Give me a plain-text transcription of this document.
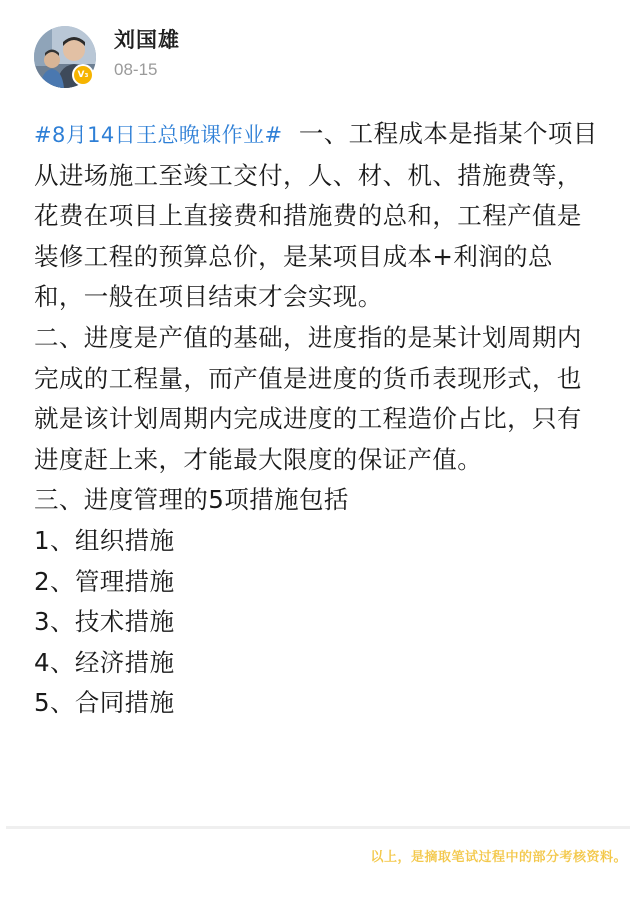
V₃
刘国雄
08-15

#8月14日王总晚课作业# 一、工程成本是指某个项目从进场施工至竣工交付，人、材、机、措施费等，花费在项目上直接费和措施费的总和，工程产值是装修工程的预算总价，是某项目成本+利润的总和，一般在项目结束才会实现。

二、进度是产值的基础，进度指的是某计划周期内完成的工程量，而产值是进度的货币表现形式，也就是该计划周期内完成进度的工程造价占比，只有进度赶上来，才能最大限度的保证产值。

三、进度管理的5项措施包括

1、组织措施

2、管理措施

3、技术措施

4、经济措施

5、合同措施

以上，是摘取笔试过程中的部分考核资料。
